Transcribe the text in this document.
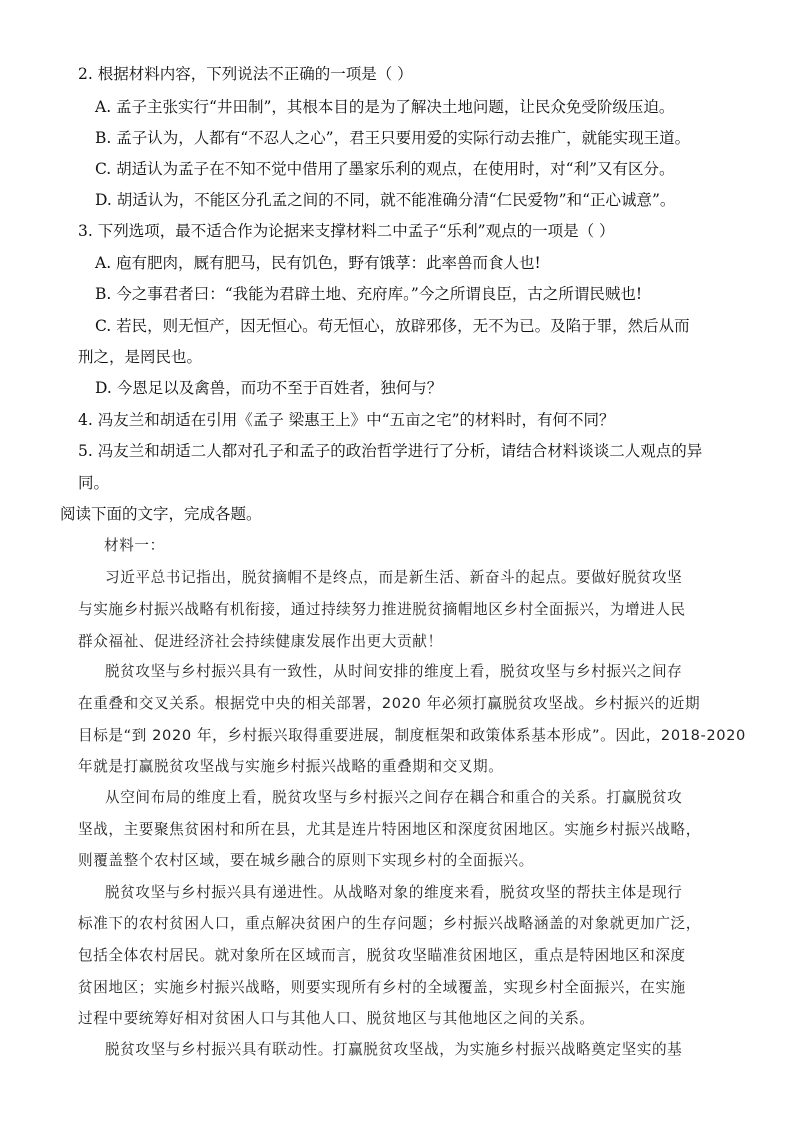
2. 根据材料内容，下列说法不正确的一项是（ ）
A. 孟子主张实行“井田制”，其根本目的是为了解决土地问题，让民众免受阶级压迫。
B. 孟子认为，人都有“不忍人之心”，君王只要用爱的实际行动去推广，就能实现王道。
C. 胡适认为孟子在不知不觉中借用了墨家乐利的观点，在使用时，对“利”又有区分。
D. 胡适认为，不能区分孔孟之间的不同，就不能准确分清“仁民爱物”和“正心诚意”。
3. 下列选项，最不适合作为论据来支撑材料二中孟子“乐利”观点的一项是（ ）
A. 庖有肥肉，厩有肥马，民有饥色，野有饿莩：此率兽而食人也!
B. 今之事君者曰：“我能为君辟土地、充府库。”今之所谓良臣，古之所谓民贼也!
C. 若民，则无恒产，因无恒心。苟无恒心，放辟邪侈，无不为已。及陷于罪，然后从而
刑之，是罔民也。
D. 今恩足以及禽兽，而功不至于百姓者，独何与？
4. 冯友兰和胡适在引用《孟子 梁惠王上》中“五亩之宅”的材料时，有何不同？
5. 冯友兰和胡适二人都对孔子和孟子的政治哲学进行了分析，请结合材料谈谈二人观点的异
同。
阅读下面的文字，完成各题。
材料一：
习近平总书记指出，脱贫摘帽不是终点，而是新生活、新奋斗的起点。要做好脱贫攻坚
与实施乡村振兴战略有机衔接，通过持续努力推进脱贫摘帽地区乡村全面振兴，为增进人民
群众福祉、促进经济社会持续健康发展作出更大贡献！
脱贫攻坚与乡村振兴具有一致性，从时间安排的维度上看，脱贫攻坚与乡村振兴之间存
在重叠和交叉关系。根据党中央的相关部署，2020 年必须打赢脱贫攻坚战。乡村振兴的近期
目标是“到 2020 年，乡村振兴取得重要进展，制度框架和政策体系基本形成”。因此，2018-2020
年就是打赢脱贫攻坚战与实施乡村振兴战略的重叠期和交叉期。
从空间布局的维度上看，脱贫攻坚与乡村振兴之间存在耦合和重合的关系。打赢脱贫攻
坚战，主要聚焦贫困村和所在县，尤其是连片特困地区和深度贫困地区。实施乡村振兴战略，
则覆盖整个农村区域，要在城乡融合的原则下实现乡村的全面振兴。
脱贫攻坚与乡村振兴具有递进性。从战略对象的维度来看，脱贫攻坚的帮扶主体是现行
标准下的农村贫困人口，重点解决贫困户的生存问题；乡村振兴战略涵盖的对象就更加广泛，
包括全体农村居民。就对象所在区域而言，脱贫攻坚瞄准贫困地区，重点是特困地区和深度
贫困地区；实施乡村振兴战略，则要实现所有乡村的全域覆盖，实现乡村全面振兴，在实施
过程中要统筹好相对贫困人口与其他人口、脱贫地区与其他地区之间的关系。
脱贫攻坚与乡村振兴具有联动性。打赢脱贫攻坚战，为实施乡村振兴战略奠定坚实的基
